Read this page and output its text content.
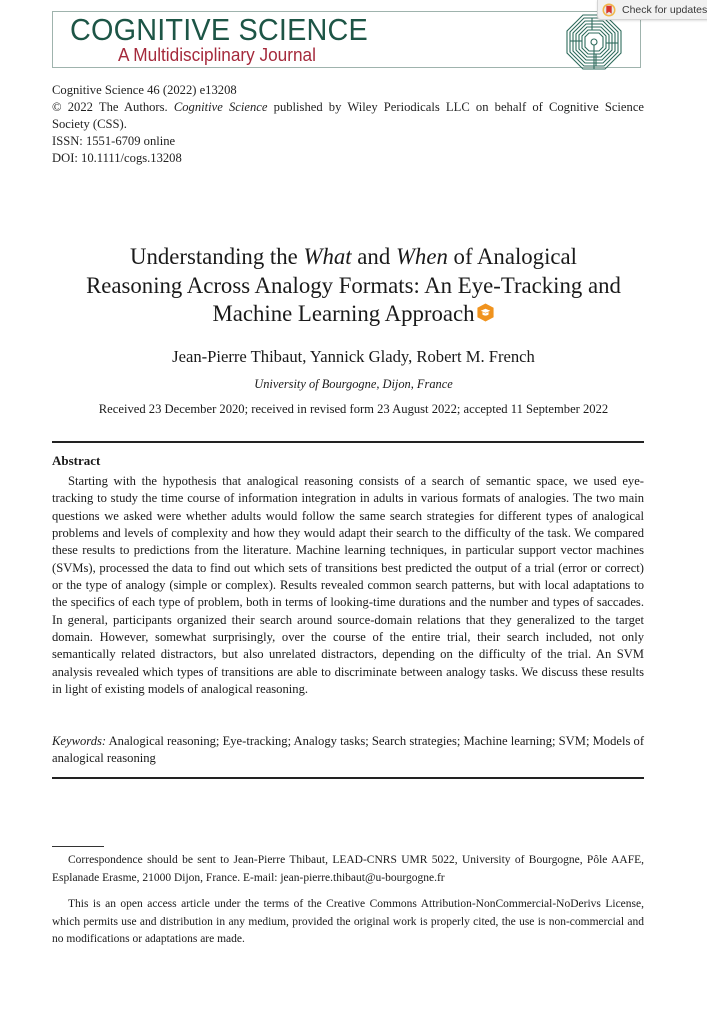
COGNITIVE SCIENCE
A Multidisciplinary Journal
Check for updates
Cognitive Science 46 (2022) e13208
© 2022 The Authors. Cognitive Science published by Wiley Periodicals LLC on behalf of Cognitive Science
Society (CSS).
ISSN: 1551-6709 online
DOI: 10.1111/cogs.13208
Understanding the What and When of Analogical
Reasoning Across Analogy Formats: An Eye-Tracking and
Machine Learning Approach
Jean-Pierre Thibaut, Yannick Glady, Robert M. French
University of Bourgogne, Dijon, France
Received 23 December 2020; received in revised form 23 August 2022; accepted 11 September 2022
Abstract

Starting with the hypothesis that analogical reasoning consists of a search of semantic space, we used eye-tracking to study the time course of information integration in adults in various formats of analogies. The two main questions we asked were whether adults would follow the same search strategies for different types of analogical problems and levels of complexity and how they would adapt their search to the difficulty of the task. We compared these results to predictions from the literature. Machine learning techniques, in particular support vector machines (SVMs), processed the data to find out which sets of transitions best predicted the output of a trial (error or correct) or the type of analogy (simple or complex). Results revealed common search patterns, but with local adaptations to the specifics of each type of problem, both in terms of looking-time durations and the number and types of saccades. In general, participants organized their search around source-domain relations that they generalized to the target domain. However, somewhat surprisingly, over the course of the entire trial, their search included, not only semantically related distractors, but also unrelated distractors, depending on the difficulty of the trial. An SVM analysis revealed which types of transitions are able to discriminate between analogy tasks. We discuss these results in light of existing models of analogical reasoning.

Keywords: Analogical reasoning; Eye-tracking; Analogy tasks; Search strategies; Machine learning; SVM; Models of analogical reasoning

Correspondence should be sent to Jean-Pierre Thibaut, LEAD-CNRS UMR 5022, University of Bourgogne, Pôle AAFE, Esplanade Erasme, 21000 Dijon, France. E-mail: jean-pierre.thibaut@u-bourgogne.fr

This is an open access article under the terms of the Creative Commons Attribution-NonCommercial-NoDerivs License, which permits use and distribution in any medium, provided the original work is properly cited, the use is non-commercial and no modifications or adaptations are made.
